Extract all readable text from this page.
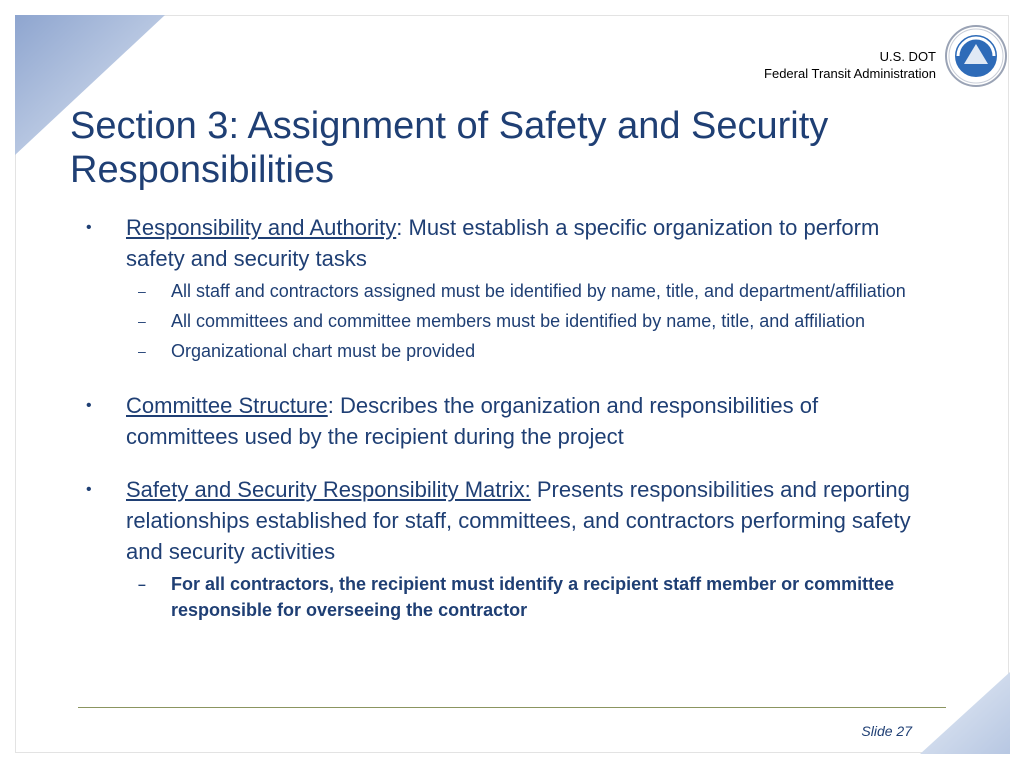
U.S. DOT
Federal Transit Administration
Section 3: Assignment of Safety and Security Responsibilities

• Responsibility and Authority: Must establish a specific organization to perform safety and security tasks

– All staff and contractors assigned must be identified by name, title, and department/affiliation

– All committees and committee members must be identified by name, title, and affiliation

– Organizational chart must be provided

• Committee Structure: Describes the organization and responsibilities of committees used by the recipient during the project

• Safety and Security Responsibility Matrix: Presents responsibilities and reporting relationships established for staff, committees, and contractors performing safety and security activities

– For all contractors, the recipient must identify a recipient staff member or committee responsible for overseeing the contractor

Slide 27
